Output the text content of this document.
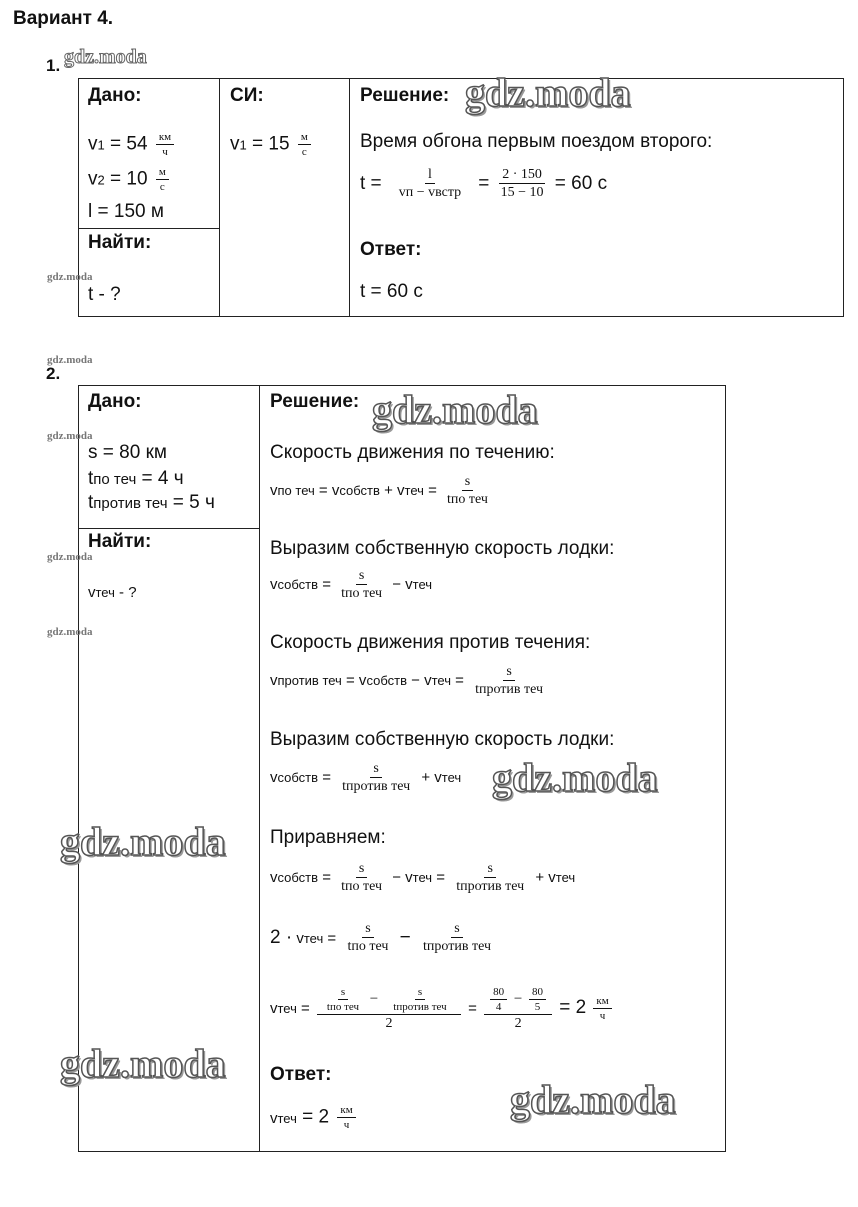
Вариант 4.
1. gdz.moda
Дано:
$v1 = 54 \frac{км}{ч}$
$v2 = 10 \frac{м}{с}$
l = 150 м

СИ:
$v1 = 15 \frac{м}{с}$

Решение: gdz.moda
Время обгона первым поездом второго:
$t = \frac{l}{\text{vп − vвстр}} = \frac{2 \cdot 150}{15 - 10} = 60$ с
Ответ:
t = 60 с

Найти:
t - ?
gdz.moda
gdz.moda
2.
Дано:
s = 80 км
tпо теч = 4 ч
tпротив теч = 5 ч

Решение: gdz.moda
Скорость движения по течению:
vпо теч = vсобств + vтеч = $\frac{s}{\text{tпо теч}}$
Выразим собственную скорость лодки:
vсобств = $\frac{s}{\text{tпо теч}}$ − vтеч
Скорость движения против течения:
vпротив теч = vсобств − vтеч = $\frac{s}{\text{tпротив теч}}$
Выразим собственную скорость лодки:
vсобств = $\frac{s}{\text{tпротив теч}}$ + vтеч gdz.moda
Приравняем:
vсобств = $\frac{s}{\text{tпо теч}}$ − vтеч = $\frac{s}{\text{tпротив теч}}$ + vтеч
2 · vтеч = $\frac{s}{\text{tпо теч}} - \frac{s}{\text{tпротив теч}}$
vтеч = $\frac{\frac{s}{\text{tпо теч}} - \frac{s}{\text{tпротив теч}}}{2} = \frac{\frac{80}{4} - \frac{80}{5}}{2} = 2 \frac{км}{ч}$
Ответ:
vтеч = $2 \frac{км}{ч}$	gdz.moda

Найти:
vтеч - ?
gdz.moda
gdz.moda
gdz.moda
gdz.moda
gdz.moda
